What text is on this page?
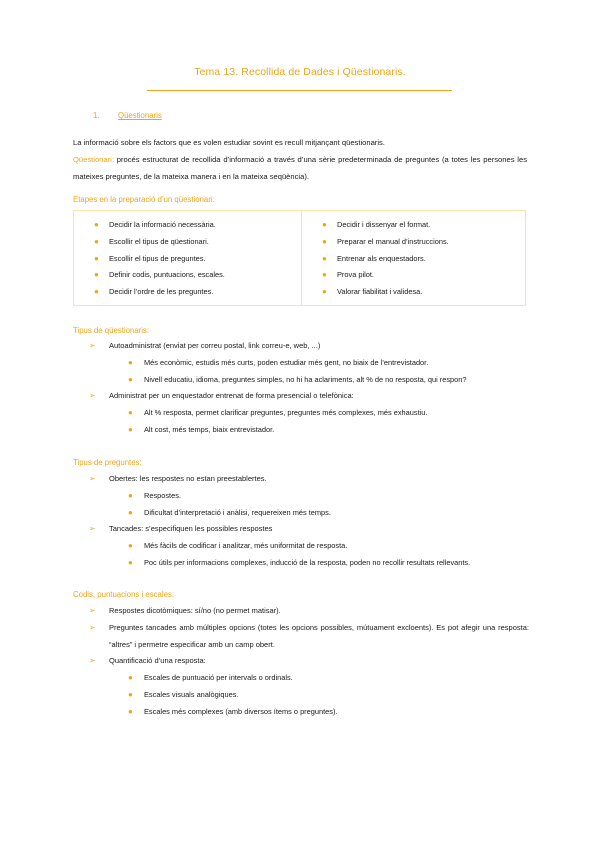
Tema 13. Recollida de Dades i Qüestionaris.
1. Qüestionaris

La informació sobre els factors que es volen estudiar sovint es recull mitjançant qüestionaris.

Qüestionari: procés estructurat de recollida d’informació a través d’una sèrie predeterminada de preguntes (a totes les persones les mateixes preguntes, de la mateixa manera i en la mateixa seqüència).

Etapes en la preparació d’un qüestionari:
● Decidir la informació necessària.
● Escollir el tipus de qüestionari.
● Escollir el tipus de preguntes.
● Definir codis, puntuacions, escales.
● Decidir l’ordre de les preguntes.
● Decidir i dissenyar el format.
● Preparar el manual d’instruccions.
● Entrenar als enquestadors.
● Prova pilot.
● Valorar fiabilitat i validesa.
Tipus de qüestionaris:
➢ Autoadministrat (enviat per correu postal, link correu-e, web, ...)
● Més econòmic, estudis més curts, poden estudiar més gent, no biaix de l’entrevistador.
● Nivell educatiu, idioma, preguntes simples, no hi ha aclariments, alt % de no resposta, qui respon?
➢ Administrat per un enquestador entrenat de forma presencial o telefònica:
● Alt % resposta, permet clarificar preguntes, preguntes més complexes, més exhaustiu.
● Alt cost, més temps, biaix entrevistador.
Tipus de preguntes:
➢ Obertes: les respostes no estan preestablertes.
● Respostes.
● Dificultat d’interpretació i anàlisi, requereixen més temps.
➢ Tancades: s’especifiquen les possibles respostes
● Més fàcils de codificar i analitzar, més uniformitat de resposta.
● Poc útils per informacions complexes, inducció de la resposta, poden no recollir resultats rellevants.
Codis, puntuacions i escales:
➢ Respostes dicotòmiques: sí/no (no permet matisar).
➢ Preguntes tancades amb múltiples opcions (totes les opcions possibles, mútuament excloents). Es pot afegir una resposta: “altres” i permetre especificar amb un camp obert.
➢ Quantificació d’una resposta:
● Escales de puntuació per intervals o ordinals.
● Escales visuals analògiques.
● Escales més complexes (amb diversos ítems o preguntes).
